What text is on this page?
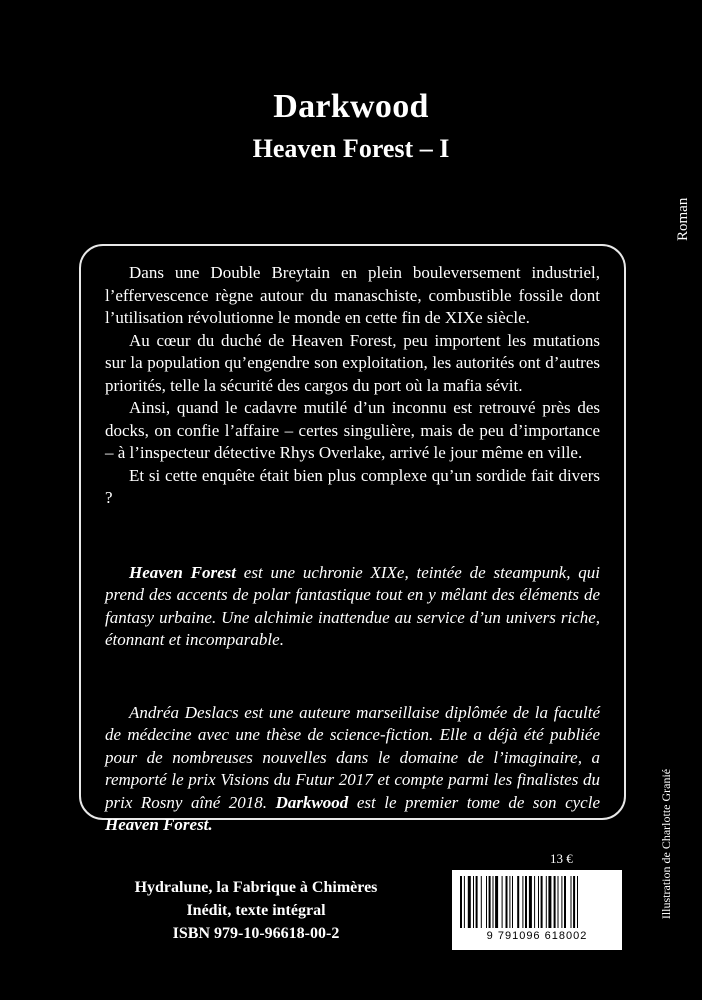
Darkwood
Heaven Forest – I
Roman

Dans une Double Breytain en plein bouleversement industriel, l’effervescence règne autour du manaschiste, combustible fossile dont l’utilisation révolutionne le monde en cette fin de XIXe siècle.

Au cœur du duché de Heaven Forest, peu importent les mutations sur la population qu’engendre son exploitation, les autorités ont d’autres priorités, telle la sécurité des cargos du port où la mafia sévit.

Ainsi, quand le cadavre mutilé d’un inconnu est retrouvé près des docks, on confie l’affaire – certes singulière, mais de peu d’importance – à l’inspecteur détective Rhys Overlake, arrivé le jour même en ville.

Et si cette enquête était bien plus complexe qu’un sordide fait divers ?

Heaven Forest est une uchronie XIXe, teintée de steampunk, qui prend des accents de polar fantastique tout en y mêlant des éléments de fantasy urbaine. Une alchimie inattendue au service d’un univers riche, étonnant et incomparable.

Andréa Deslacs est une auteure marseillaise diplômée de la faculté de médecine avec une thèse de science-fiction. Elle a déjà été publiée pour de nombreuses nouvelles dans le domaine de l’imaginaire, a remporté le prix Visions du Futur 2017 et compte parmi les finalistes du prix Rosny aîné 2018. Darkwood est le premier tome de son cycle Heaven Forest.

13 €
Hydralune, la Fabrique à Chimères
Inédit, texte intégral
ISBN 979-10-96618-00-2	9 791096 618002
Illustration de Charlotte Granié
